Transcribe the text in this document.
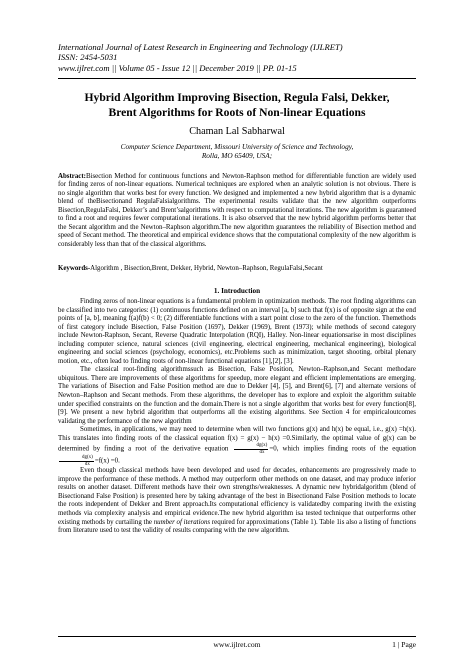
International Journal of Latest Research in Engineering and Technology (IJLRET)
ISSN: 2454-5031
www.ijlret.com || Volume 05 - Issue 12 || December 2019 || PP. 01-15
Hybrid Algorithm Improving Bisection, Regula Falsi, Dekker,
Brent Algorithms for Roots of Non-linear Equations
Chaman Lal Sabharwal
Computer Science Department, Missouri University of Science and Technology,
Rolla, MO 65409, USA;
Abstract:Bisection Method for continuous functions and Newton-Raphson method for differentiable function are widely used for finding zeros of non-linear equations. Numerical techniques are explored when an analytic solution is not obvious. There is no single algorithm that works best for every function. We designed and implemented a new hybrid algorithm that is a dynamic blend of theBisectionand RegulaFalsialgorithms. The experimental results validate that the new algorithm outperforms Bisection,RegulaFalsi, Dekker’s and Brent’salgorithms with respect to computational iterations. The new algorithm is guaranteed to find a root and requires fewer computational iterations. It is also observed that the new hybrid algorithm performs better that the Secant algorithm and the Newton–Raphson algorithm.The new algorithm guarantees the reliability of Bisection method and speed of Secant method. The theoretical and empirical evidence shows that the computational complexity of the new algorithm is considerably less than that of the classical algorithms.
Keywords-Algorithm , Bisection,Brent, Dekker, Hybrid, Newton–Raphson, RegulaFalsi,Secant
1. Introduction

Finding zeros of non-linear equations is a fundamental problem in optimization methods. The root finding algorithms can be classified into two categories: (1) continuous functions defined on an interval [a, b] such that f(x) is of opposite sign at the end points of [a, b], meaning f(a)f(b) < 0; (2) differentiable functions with a start point close to the zero of the function. Themethods of first category include Bisection, False Position (1697), Dekker (1969), Brent (1973); while methods of second category include Newton-Raphson, Secant, Reverse Quadratic Interpolation (RQI), Halley. Non-linear equationsarise in most disciplines including computer science, natural sciences (civil engineering, electrical engineering, mechanical engineering), biological engineering and social sciences (psychology, economics), etc.Problems such as minimization, target shooting, orbital plenary motion, etc., often lead to finding roots of non-linear functional equations [1],[2], [3].

The classical root-finding algorithmssuch as Bisection, False Position, Newton–Raphson,and Secant methodare ubiquitous. There are improvements of these algorithms for speedup, more elegant and efficient implementations are emerging. The variations of Bisection and False Position method are due to Dekker [4], [5], and Brent[6], [7] and alternate versions of Newton–Raphson and Secant methods. From these algorithms, the developer has to explore and exploit the algorithm suitable under specified constraints on the function and the domain.There is not a single algorithm that works best for every function[8], [9]. We present a new hybrid algorithm that outperforms all the existing algorithms. See Section 4 for empiricaloutcomes validating the performance of the new algorithm

Sometimes, in applications, we may need to determine when will two functions g(x) and h(x) be equal, i.e., g(x) =h(x). This translates into finding roots of the classical equation f(x) = g(x) − h(x) =0.Similarly, the optimal value of g(x) can be determined by finding a root of the derivative equation $\frac{dg(x)}{dx} =0$, which implies finding roots of the equation
$\frac{dg(x)}{dx} =f(x) =0$.

Even though classical methods have been developed and used for decades, enhancements are progressively made to improve the performance of these methods. A method may outperform other methods on one dataset, and may produce inferior results on another dataset. Different methods have their own strengths/weaknesses. A dynamic new hybridalgorithm (blend of Bisectionand False Position) is presented here by taking advantage of the best in Bisectionand False Position methods to locate the roots independent of Dekker and Brent approach.Its computational efficiency is validatedby comparing itwith the existing methods via complexity analysis and empirical evidence.The new hybrid algorithm isa tested technique that outperforms other existing methods by curtailing the number of iterations required for approximations (Table 1). Table 1is also a listing of functions from literature used to test the validity of results comparing with the new algorithm.

www.ijlret.com	1 | Page
